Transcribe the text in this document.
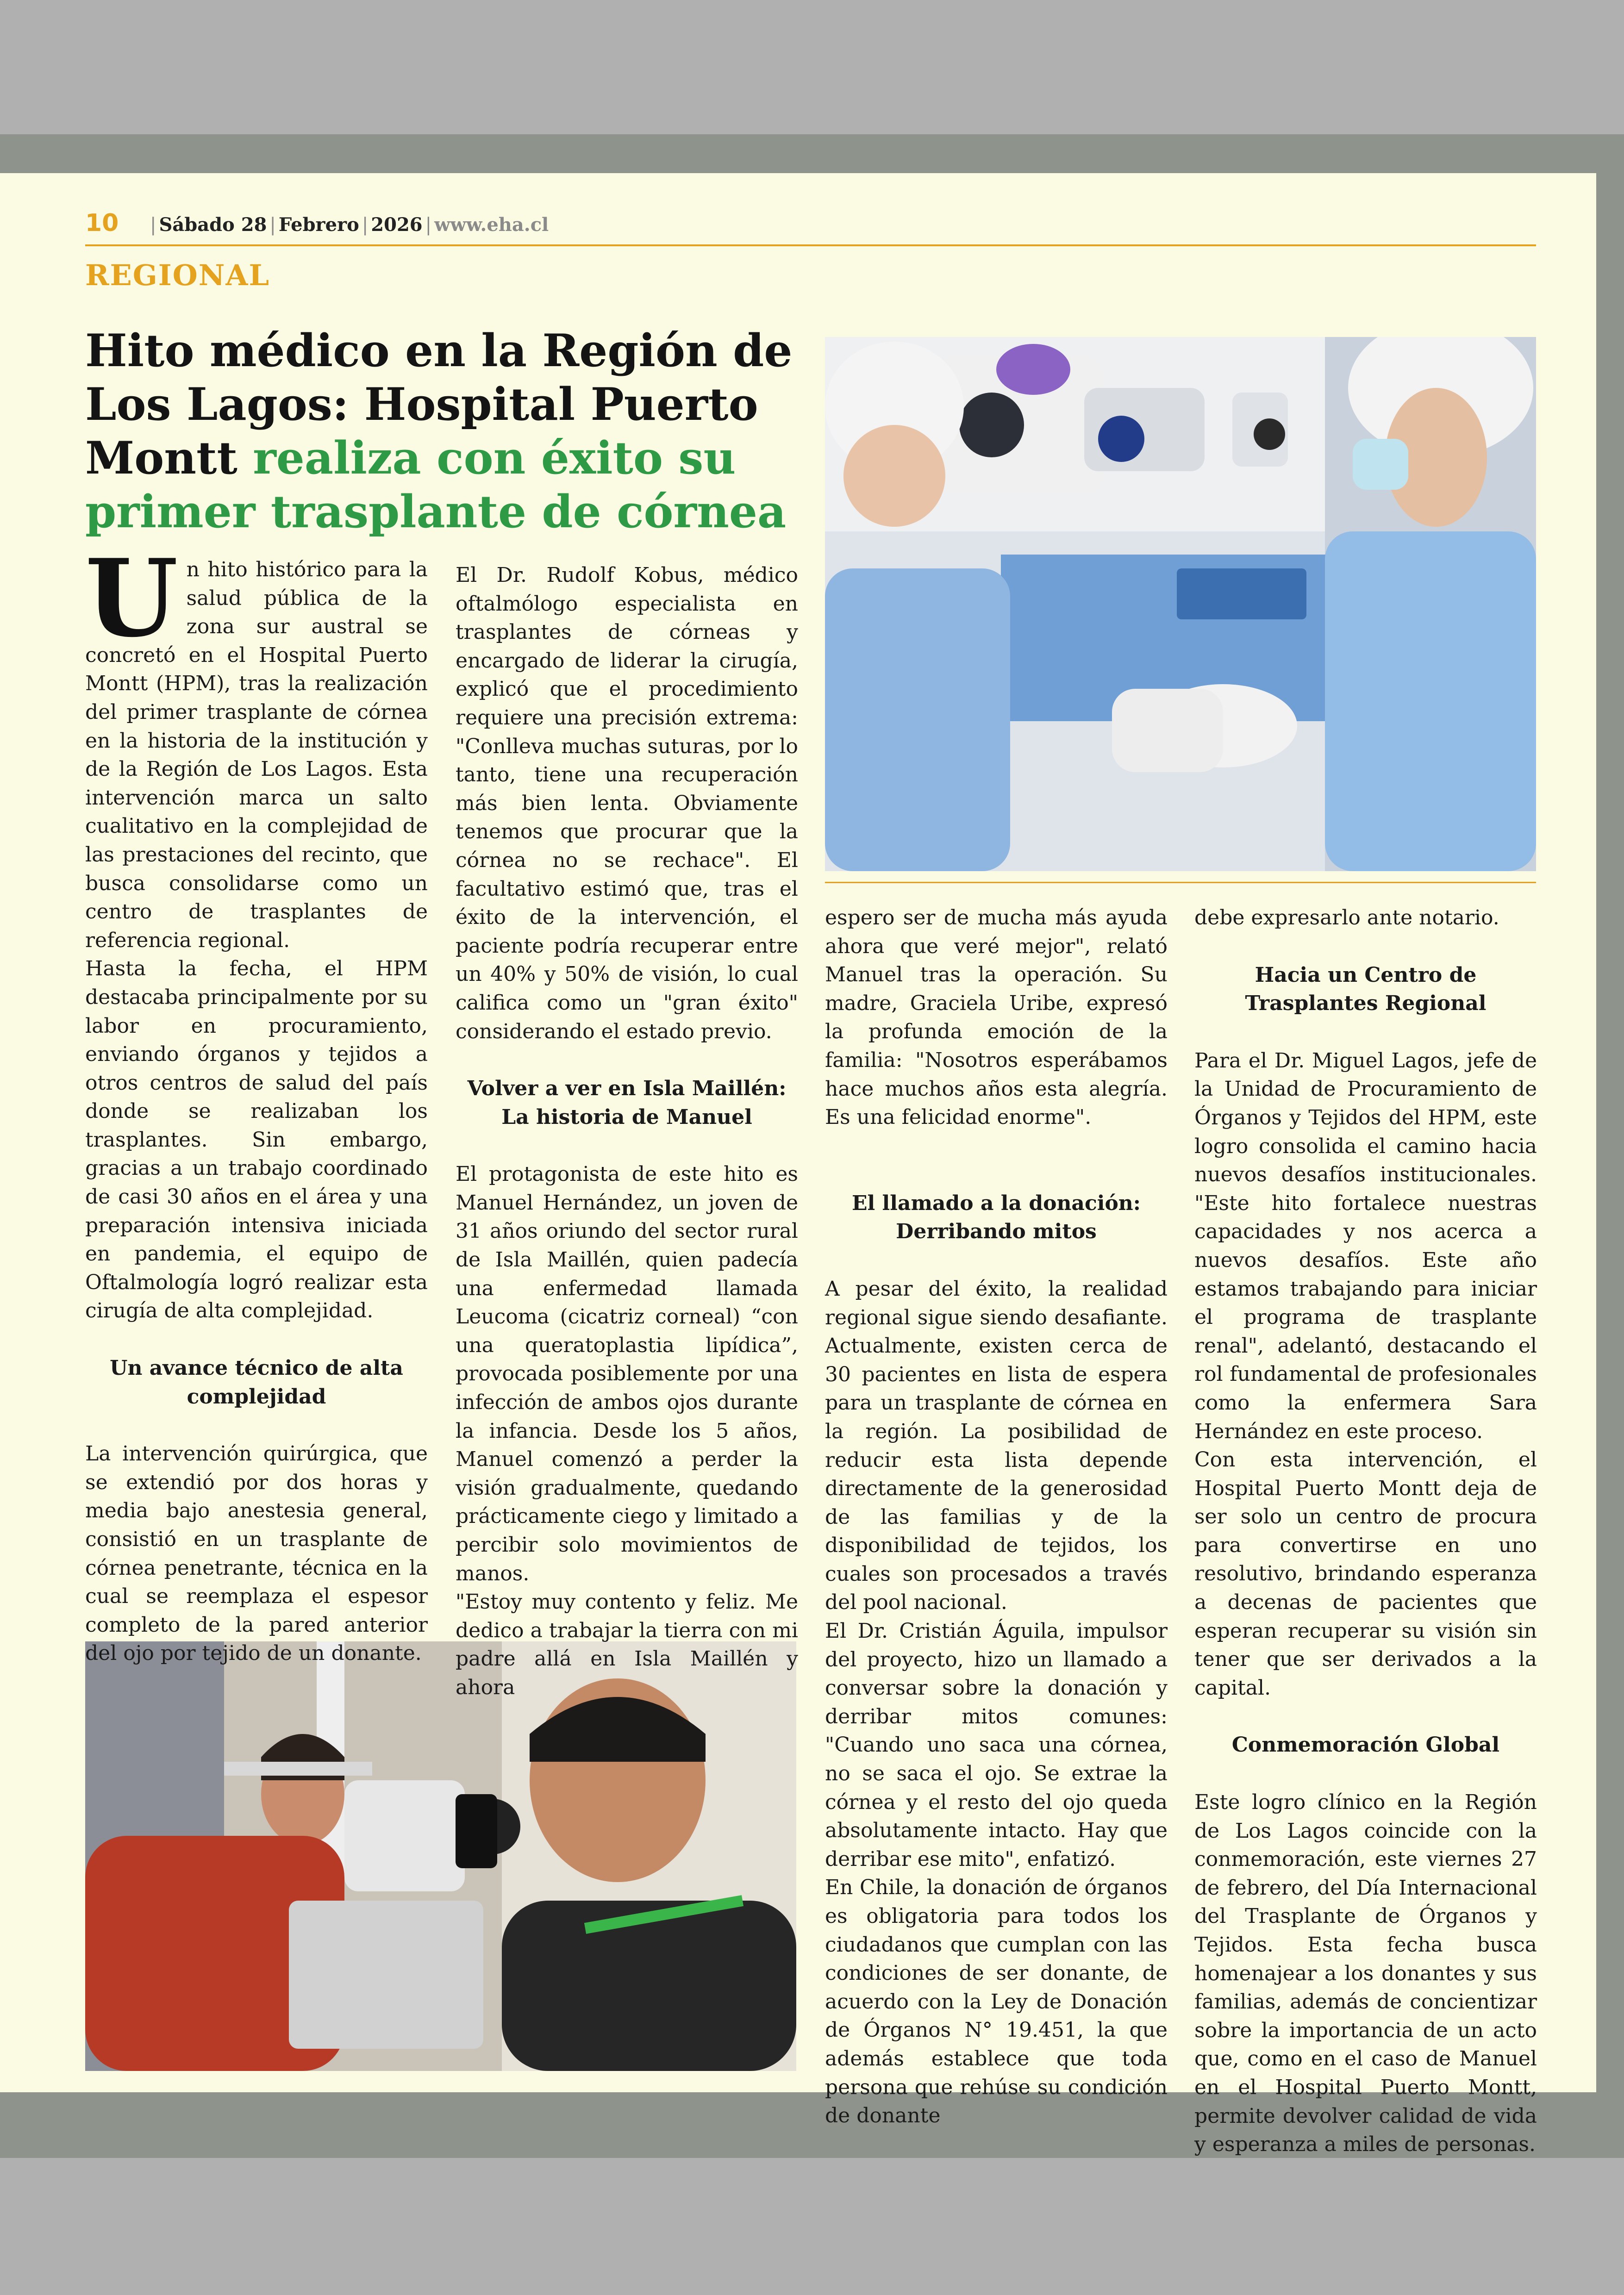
10 | Sábado 28 | Febrero | 2026 | www.eha.cl
REGIONAL
Hito médico en la Región de Los Lagos: Hospital Puerto Montt realiza con éxito su primer trasplante de córnea

Un hito histórico para la salud pública de la zona sur austral se concretó en el Hospital Puerto Montt (HPM), tras la realización del primer trasplante de córnea en la historia de la institución y de la Región de Los Lagos. Esta intervención marca un salto cualitativo en la complejidad de las prestaciones del recinto, que busca consolidarse como un centro de trasplantes de referencia regional.

Hasta la fecha, el HPM destacaba principalmente por su labor en procuramiento, enviando órganos y tejidos a otros centros de salud del país donde se realizaban los trasplantes. Sin embargo, gracias a un trabajo coordinado de casi 30 años en el área y una preparación intensiva iniciada en pandemia, el equipo de Oftalmología logró realizar esta cirugía de alta complejidad.

Un avance técnico de alta complejidad

La intervención quirúrgica, que se extendió por dos horas y media bajo anestesia general, consistió en un trasplante de córnea penetrante, técnica en la cual se reemplaza el espesor completo de la pared anterior del ojo por tejido de un donante.

El Dr. Rudolf Kobus, médico oftalmólogo especialista en trasplantes de córneas y encargado de liderar la cirugía, explicó que el procedimiento requiere una precisión extrema: "Conlleva muchas suturas, por lo tanto, tiene una recuperación más bien lenta. Obviamente tenemos que procurar que la córnea no se rechace". El facultativo estimó que, tras el éxito de la intervención, el paciente podría recuperar entre un 40% y 50% de visión, lo cual califica como un "gran éxito" considerando el estado previo.

Volver a ver en Isla Maillén: La historia de Manuel

El protagonista de este hito es Manuel Hernández, un joven de 31 años oriundo del sector rural de Isla Maillén, quien padecía una enfermedad llamada Leucoma (cicatriz corneal) “con una queratoplastia lipídica”, provocada posiblemente por una infección de ambos ojos durante la infancia. Desde los 5 años, Manuel comenzó a perder la visión gradualmente, quedando prácticamente ciego y limitado a percibir solo movimientos de manos.

"Estoy muy contento y feliz. Me dedico a trabajar la tierra con mi padre allá en Isla Maillén y ahora

espero ser de mucha más ayuda ahora que veré mejor", relató Manuel tras la operación. Su madre, Graciela Uribe, expresó la profunda emoción de la familia: "Nosotros esperábamos hace muchos años esta alegría. Es una felicidad enorme".

El llamado a la donación: Derribando mitos

A pesar del éxito, la realidad regional sigue siendo desafiante. Actualmente, existen cerca de 30 pacientes en lista de espera para un trasplante de córnea en la región. La posibilidad de reducir esta lista depende directamente de la generosidad de las familias y de la disponibilidad de tejidos, los cuales son procesados a través del pool nacional.

El Dr. Cristián Águila, impulsor del proyecto, hizo un llamado a conversar sobre la donación y derribar mitos comunes: "Cuando uno saca una córnea, no se saca el ojo. Se extrae la córnea y el resto del ojo queda absolutamente intacto. Hay que derribar ese mito", enfatizó.

En Chile, la donación de órganos es obligatoria para todos los ciudadanos que cumplan con las condiciones de ser donante, de acuerdo con la Ley de Donación de Órganos N° 19.451, la que además establece que toda persona que rehúse su condición de donante

debe expresarlo ante notario.

Hacia un Centro de Trasplantes Regional

Para el Dr. Miguel Lagos, jefe de la Unidad de Procuramiento de Órganos y Tejidos del HPM, este logro consolida el camino hacia nuevos desafíos institucionales. "Este hito fortalece nuestras capacidades y nos acerca a nuevos desafíos. Este año estamos trabajando para iniciar el programa de trasplante renal", adelantó, destacando el rol fundamental de profesionales como la enfermera Sara Hernández en este proceso.

Con esta intervención, el Hospital Puerto Montt deja de ser solo un centro de procura para convertirse en uno resolutivo, brindando esperanza a decenas de pacientes que esperan recuperar su visión sin tener que ser derivados a la capital.

Conmemoración Global

Este logro clínico en la Región de Los Lagos coincide con la conmemoración, este viernes 27 de febrero, del Día Internacional del Trasplante de Órganos y Tejidos. Esta fecha busca homenajear a los donantes y sus familias, además de concientizar sobre la importancia de un acto que, como en el caso de Manuel en el Hospital Puerto Montt, permite devolver calidad de vida y esperanza a miles de personas.
